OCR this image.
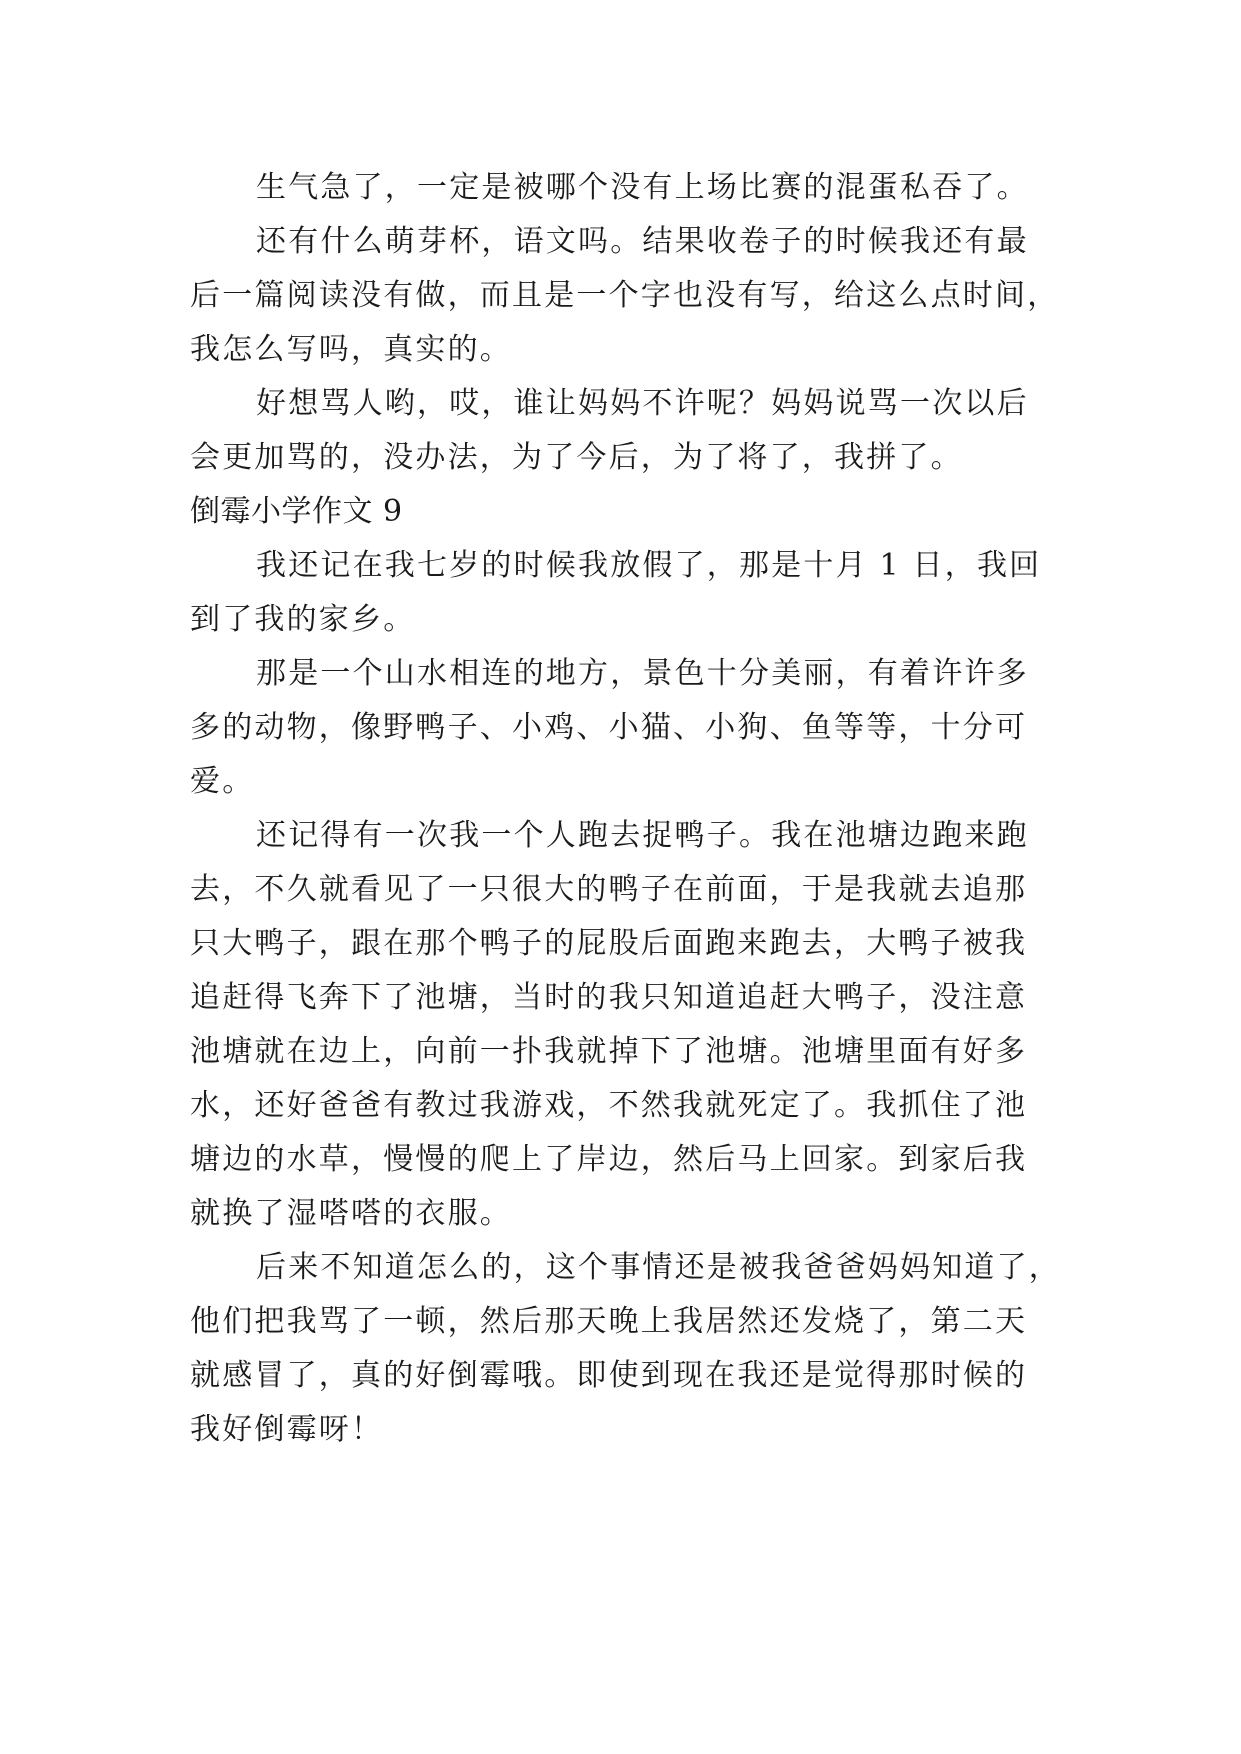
生气急了，一定是被哪个没有上场比赛的混蛋私吞了。
还有什么萌芽杯，语文吗。结果收卷子的时候我还有最
后一篇阅读没有做，而且是一个字也没有写，给这么点时间，
我怎么写吗，真实的。
好想骂人哟，哎，谁让妈妈不许呢？妈妈说骂一次以后
会更加骂的，没办法，为了今后，为了将了，我拼了。
倒霉小学作文 9
我还记在我七岁的时候我放假了，那是十月 1 日，我回
到了我的家乡。
那是一个山水相连的地方，景色十分美丽，有着许许多
多的动物，像野鸭子、小鸡、小猫、小狗、鱼等等，十分可
爱。
还记得有一次我一个人跑去捉鸭子。我在池塘边跑来跑
去，不久就看见了一只很大的鸭子在前面，于是我就去追那
只大鸭子，跟在那个鸭子的屁股后面跑来跑去，大鸭子被我
追赶得飞奔下了池塘，当时的我只知道追赶大鸭子，没注意
池塘就在边上，向前一扑我就掉下了池塘。池塘里面有好多
水，还好爸爸有教过我游戏，不然我就死定了。我抓住了池
塘边的水草，慢慢的爬上了岸边，然后马上回家。到家后我
就换了湿嗒嗒的衣服。
后来不知道怎么的，这个事情还是被我爸爸妈妈知道了，
他们把我骂了一顿，然后那天晚上我居然还发烧了，第二天
就感冒了，真的好倒霉哦。即使到现在我还是觉得那时候的
我好倒霉呀！
